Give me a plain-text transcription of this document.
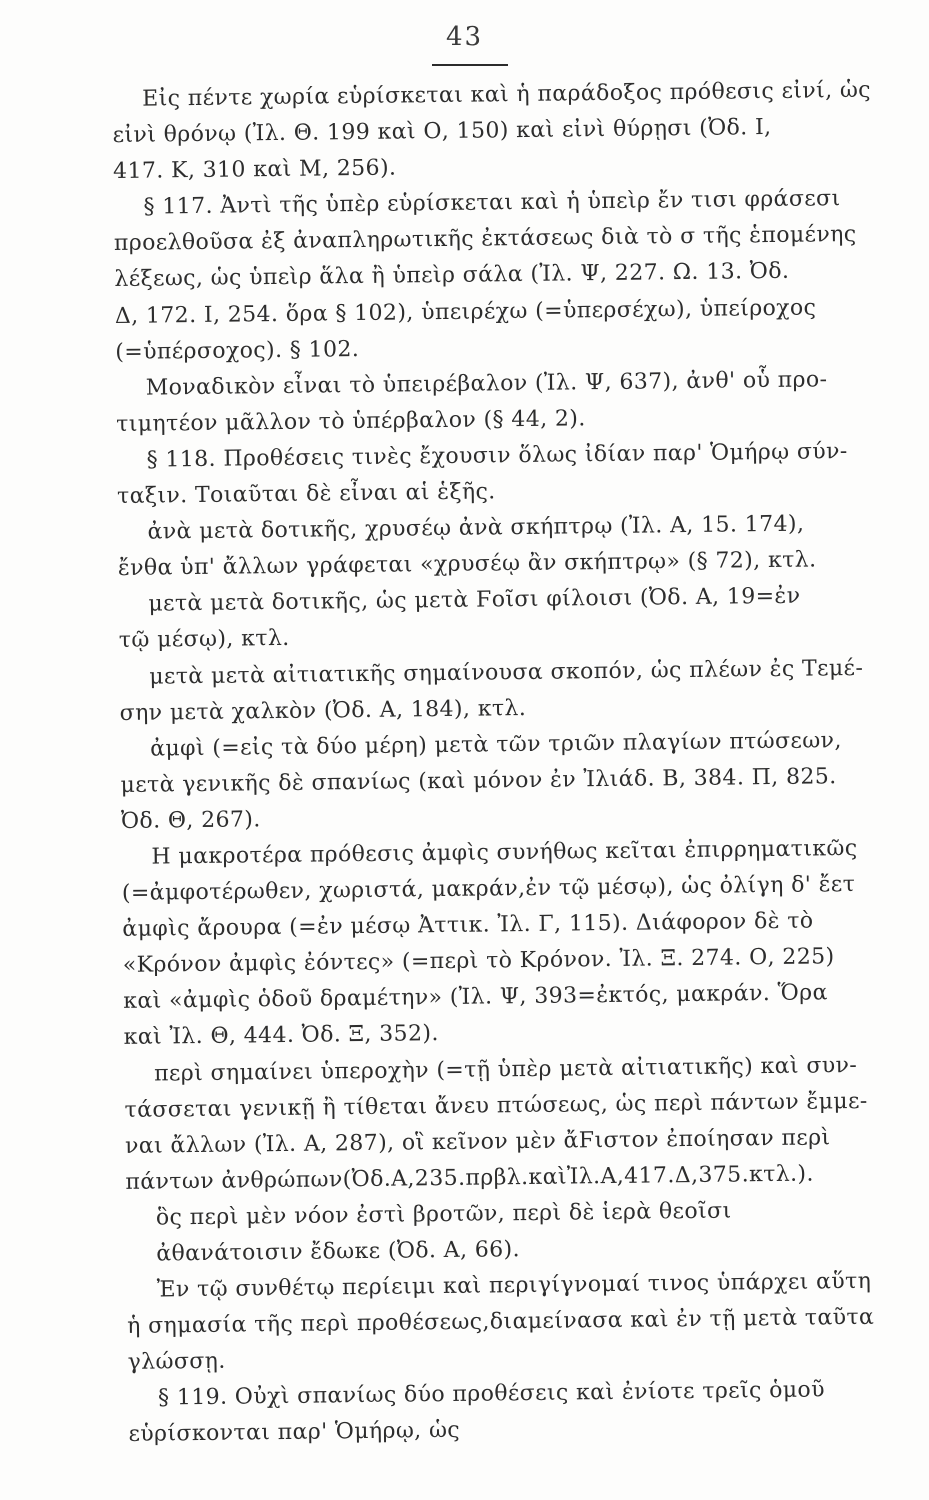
43
Εἰς πέντε χωρία εὑρίσκεται καὶ ἡ παράδοξος πρόθεσις εἰνί, ὡς
εἰνὶ θρόνῳ (Ἰλ. Θ. 199 καὶ Ο, 150) καὶ εἰνὶ θύρῃσι (Ὀδ. Ι,
417. Κ, 310 καὶ Μ, 256).
§ 117. Ἀντὶ τῆς ὑπὲρ εὑρίσκεται καὶ ἡ ὑπεὶρ ἔν τισι φράσεσι
προελθοῦσα ἐξ ἀναπληρωτικῆς ἐκτάσεως διὰ τὸ σ τῆς ἑπομένης
λέξεως, ὡς ὑπεὶρ ἅλα ἢ ὑπεὶρ σάλα (Ἰλ. Ψ, 227. Ω. 13. Ὀδ.
Δ, 172. Ι, 254. ὅρα § 102), ὑπειρέχω (=ὑπερσέχω), ὑπείροχος
(=ὑπέρσοχος). § 102.
Μοναδικὸν εἶναι τὸ ὑπειρέβαλον (Ἰλ. Ψ, 637), ἀνθ' οὗ προ-
τιμητέον μᾶλλον τὸ ὑπέρβαλον (§ 44, 2).
§ 118. Προθέσεις τινὲς ἔχουσιν ὅλως ἰδίαν παρ' Ὁμήρῳ σύν-
ταξιν. Τοιαῦται δὲ εἶναι αἱ ἑξῆς.
ἀνὰ μετὰ δοτικῆς, χρυσέῳ ἀνὰ σκήπτρῳ (Ἰλ. Α, 15. 174),
ἔνθα ὑπ' ἄλλων γράφεται «χρυσέῳ ἂν σκήπτρῳ» (§ 72), κτλ.
μετὰ μετὰ δοτικῆς, ὡς μετὰ Ϝοῖσι φίλοισι (Ὀδ. Α, 19=ἐν
τῷ μέσῳ), κτλ.
μετὰ μετὰ αἰτιατικῆς σημαίνουσα σκοπόν, ὡς πλέων ἐς Τεμέ-
σην μετὰ χαλκὸν (Ὀδ. Α, 184), κτλ.
ἀμφὶ (=εἰς τὰ δύο μέρη) μετὰ τῶν τριῶν πλαγίων πτώσεων,
μετὰ γενικῆς δὲ σπανίως (καὶ μόνον ἐν Ἰλιάδ. Β, 384. Π, 825.
Ὀδ. Θ, 267).
Η μακροτέρα πρόθεσις ἀμφὶς συνήθως κεῖται ἐπιρρηματικῶς
(=ἀμφοτέρωθεν, χωριστά, μακράν,ἐν τῷ μέσῳ), ὡς ὀλίγη δ' ἔετ
ἀμφὶς ἄρουρα (=ἐν μέσῳ Ἀττικ. Ἰλ. Γ, 115). Διάφορον δὲ τὸ
«Κρόνον ἀμφὶς ἐόντες» (=περὶ τὸ Κρόνον. Ἰλ. Ξ. 274. Ο, 225)
καὶ «ἀμφὶς ὁδοῦ δραμέτην» (Ἰλ. Ψ, 393=ἐκτός, μακράν. Ὅρα
καὶ Ἰλ. Θ, 444. Ὀδ. Ξ, 352).
περὶ σημαίνει ὑπεροχὴν (=τῇ ὑπὲρ μετὰ αἰτιατικῆς) καὶ συν-
τάσσεται γενικῇ ἢ τίθεται ἄνευ πτώσεως, ὡς περὶ πάντων ἔμμε-
ναι ἄλλων (Ἰλ. Α, 287), οἳ κεῖνον μὲν ἄϜιστον ἐποίησαν περὶ
πάντων ἀνθρώπων(Ὀδ.Α,235.πρβλ.καὶἸλ.Α,417.Δ,375.κτλ.).
ὃς περὶ μὲν νόον ἐστὶ βροτῶν, περὶ δὲ ἱερὰ θεοῖσι
ἀθανάτοισιν ἔδωκε (Ὀδ. Α, 66).
Ἐν τῷ συνθέτῳ περίειμι καὶ περιγίγνομαί τινος ὑπάρχει αὕτη
ἡ σημασία τῆς περὶ προθέσεως,διαμείνασα καὶ ἐν τῇ μετὰ ταῦτα
γλώσσῃ.
§ 119. Οὐχὶ σπανίως δύο προθέσεις καὶ ἐνίοτε τρεῖς ὁμοῦ
εὑρίσκονται παρ' Ὁμήρῳ, ὡς
